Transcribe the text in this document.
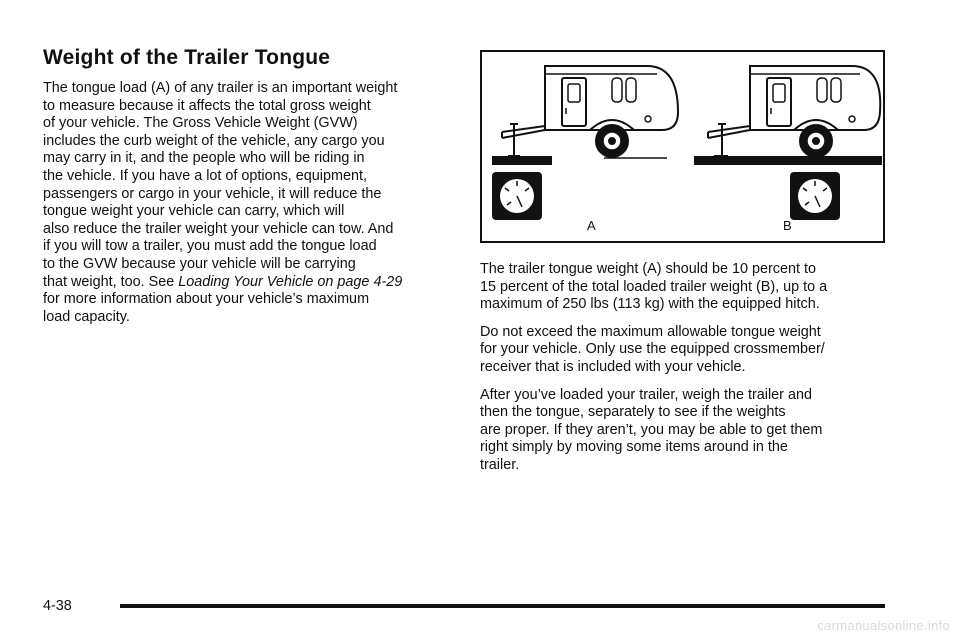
Weight of the Trailer Tongue
The tongue load (A) of any trailer is an important weight
to measure because it affects the total gross weight
of your vehicle. The Gross Vehicle Weight (GVW)
includes the curb weight of the vehicle, any cargo you
may carry in it, and the people who will be riding in
the vehicle. If you have a lot of options, equipment,
passengers or cargo in your vehicle, it will reduce the
tongue weight your vehicle can carry, which will
also reduce the trailer weight your vehicle can tow. And
if you will tow a trailer, you must add the tongue load
to the GVW because your vehicle will be carrying
that weight, too. See Loading Your Vehicle on page 4-29
for more information about your vehicle’s maximum
load capacity.
A	B
The trailer tongue weight (A) should be 10 percent to
15 percent of the total loaded trailer weight (B), up to a
maximum of 250 lbs (113 kg) with the equipped hitch.
Do not exceed the maximum allowable tongue weight
for your vehicle. Only use the equipped crossmember/
receiver that is included with your vehicle.
After you’ve loaded your trailer, weigh the trailer and
then the tongue, separately to see if the weights
are proper. If they aren’t, you may be able to get them
right simply by moving some items around in the
trailer.
4-38
carmanualsonline.info
